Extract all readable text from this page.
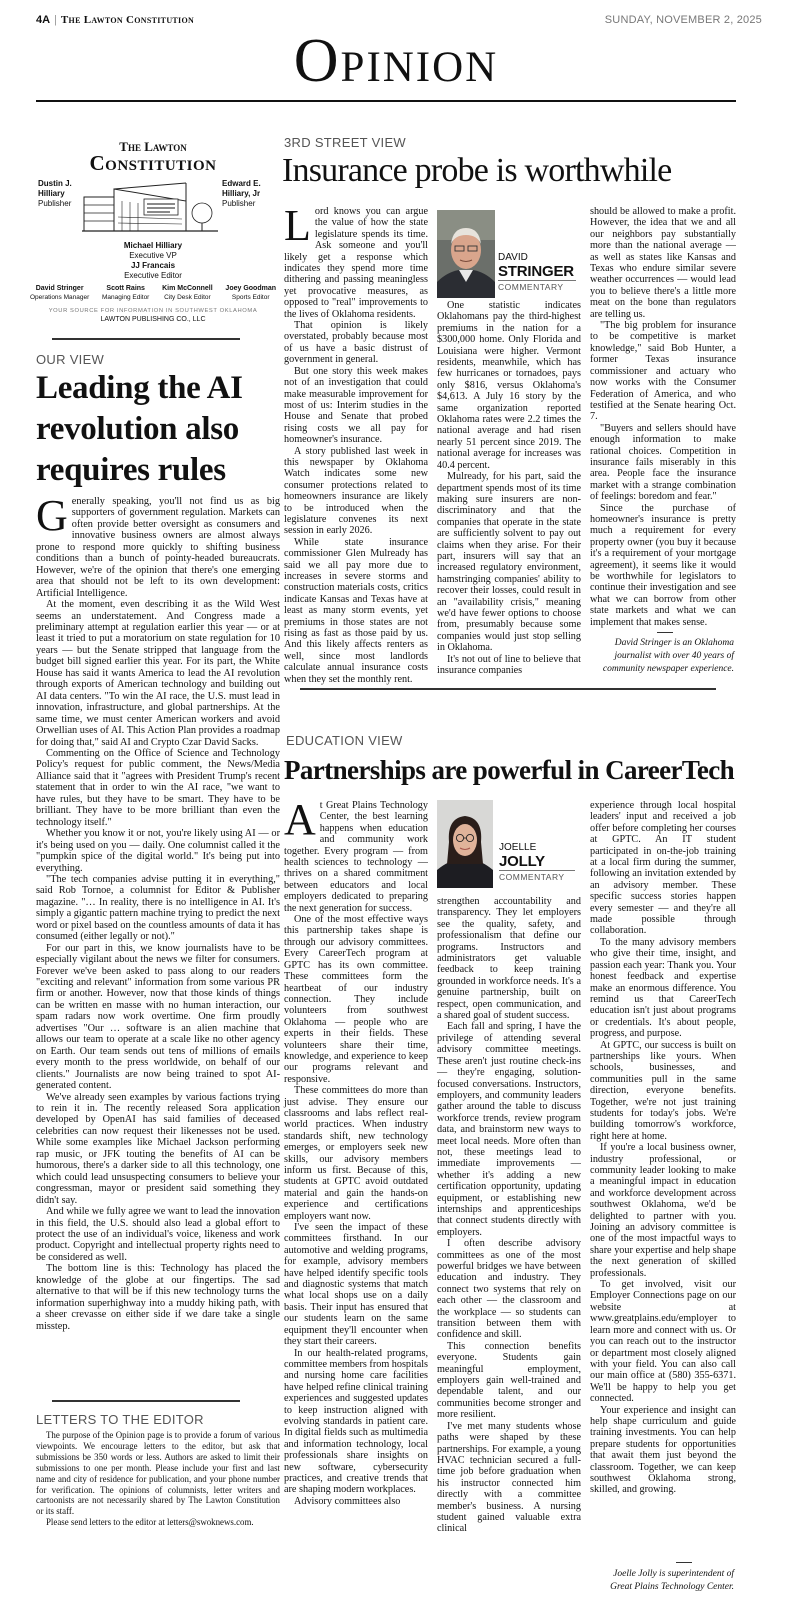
4A | The Lawton Constitution	SUNDAY, NOVEMBER 2, 2025
Opinion
The Lawton
Constitution
Dustin J. Hilliary
Publisher
Edward E. Hilliary, Jr
Publisher
Michael Hilliary
Executive VP
JJ Francais
Executive Editor
David Stringer
Operations Manager
Scott Rains
Managing Editor
Kim McConnell
City Desk Editor
Joey Goodman
Sports Editor
YOUR SOURCE FOR INFORMATION IN SOUTHWEST OKLAHOMA
LAWTON PUBLISHING CO., LLC
OUR VIEW
Leading the AI revolution also requires rules
G enerally speaking, you'll not find us as big supporters of government regulation. Markets can often provide better oversight as consumers and innovative business owners are almost always prone to respond more quickly to shifting business conditions than a bunch of pointy-headed bureaucrats. However, we're of the opinion that there's one emerging area that should not be left to its own development: Artificial Intelligence.

At the moment, even describing it as the Wild West seems an understatement. And Congress made a preliminary attempt at regulation earlier this year — or at least it tried to put a moratorium on state regulation for 10 years — but the Senate stripped that language from the budget bill signed earlier this year. For its part, the White House has said it wants America to lead the AI revolution through exports of American technology and building out AI data centers. "To win the AI race, the U.S. must lead in innovation, infrastructure, and global partnerships. At the same time, we must center American workers and avoid Orwellian uses of AI. This Action Plan provides a roadmap for doing that," said AI and Crypto Czar David Sacks.

Commenting on the Office of Science and Technology Policy's request for public comment, the News/Media Alliance said that it "agrees with President Trump's recent statement that in order to win the AI race, "we want to have rules, but they have to be smart. They have to be brilliant. They have to be more brilliant than even the technology itself."

Whether you know it or not, you're likely using AI — or it's being used on you — daily. One columnist called it the "pumpkin spice of the digital world." It's being put into everything.

"The tech companies advise putting it in everything," said Rob Tornoe, a columnist for Editor & Publisher magazine. "… In reality, there is no intelligence in AI. It's simply a gigantic pattern machine trying to predict the next word or pixel based on the countless amounts of data it has consumed (either legally or not)."

For our part in this, we know journalists have to be especially vigilant about the news we filter for consumers. Forever we've been asked to pass along to our readers "exciting and relevant" information from some various PR firm or another. However, now that those kinds of things can be written en masse with no human interaction, our spam radars now work overtime. One firm proudly advertises "Our … software is an alien machine that allows our team to operate at a scale like no other agency on Earth. Our team sends out tens of millions of emails every month to the press worldwide, on behalf of our clients." Journalists are now being trained to spot AI-generated content.

We've already seen examples by various factions trying to rein it in. The recently released Sora application developed by OpenAI has said families of deceased celebrities can now request their likenesses not be used. While some examples like Michael Jackson performing rap music, or JFK touting the benefits of AI can be humorous, there's a darker side to all this technology, one which could lead unsuspecting consumers to believe your congressman, mayor or president said something they didn't say.

And while we fully agree we want to lead the innovation in this field, the U.S. should also lead a global effort to protect the use of an individual's voice, likeness and work product. Copyright and intellectual property rights need to be considered as well.

The bottom line is this: Technology has placed the knowledge of the globe at our fingertips. The sad alternative to that will be if this new technology turns the information superhighway into a muddy hiking path, with a sheer crevasse on either side if we dare take a single misstep.

LETTERS TO THE EDITOR

The purpose of the Opinion page is to provide a forum of various viewpoints. We encourage letters to the editor, but ask that submissions be 350 words or less. Authors are asked to limit their submissions to one per month. Please include your first and last name and city of residence for publication, and your phone number for verification. The opinions of columnists, letter writers and cartoonists are not necessarily shared by The Lawton Constitution or its staff.

Please send letters to the editor at letters@swoknews.com.

3RD STREET VIEW
Insurance probe is worthwhile
L ord knows you can argue the value of how the state legislature spends its time. Ask someone and you'll likely get a response which indicates they spend more time dithering and passing meaningless yet provocative measures, as opposed to "real" improvements to the lives of Oklahoma residents.

That opinion is likely overstated, probably because most of us have a basic distrust of government in general.

But one story this week makes not of an investigation that could make measurable improvement for most of us: Interim studies in the House and Senate that probed rising costs we all pay for homeowner's insurance.

A story published last week in this newspaper by Oklahoma Watch indicates some new consumer protections related to homeowners insurance are likely to be introduced when the legislature convenes its next session in early 2026.

While state insurance commissioner Glen Mulready has said we all pay more due to increases in severe storms and construction materials costs, critics indicate Kansas and Texas have at least as many storm events, yet premiums in those states are not rising as fast as those paid by us. And this likely affects renters as well, since most landlords calculate annual insurance costs when they set the monthly rent.

DAVID
STRINGER
COMMENTARY

One statistic indicates Oklahomans pay the third-highest premiums in the nation for a $300,000 home. Only Florida and Louisiana were higher. Vermont residents, meanwhile, which has few hurricanes or tornadoes, pays only $816, versus Oklahoma's $4,613. A July 16 story by the same organization reported Oklahoma rates were 2.2 times the national average and had risen nearly 51 percent since 2019. The national average for increases was 40.4 percent.

Mulready, for his part, said the department spends most of its time making sure insurers are non-discriminatory and that the companies that operate in the state are sufficiently solvent to pay out claims when they arise. For their part, insurers will say that an increased regulatory environment, hamstringing companies' ability to recover their losses, could result in an "availability crisis," meaning we'd have fewer options to choose from, presumably because some companies would just stop selling in Oklahoma.

It's not out of line to believe that insurance companies

should be allowed to make a profit. However, the idea that we and all our neighbors pay substantially more than the national average — as well as states like Kansas and Texas who endure similar severe weather occurrences — would lead you to believe there's a little more meat on the bone than regulators are telling us.

"The big problem for insurance to be competitive is market knowledge," said Bob Hunter, a former Texas insurance commissioner and actuary who now works with the Consumer Federation of America, and who testified at the Senate hearing Oct. 7.

"Buyers and sellers should have enough information to make rational choices. Competition in insurance fails miserably in this area. People face the insurance market with a strange combination of feelings: boredom and fear."

Since the purchase of homeowner's insurance is pretty much a requirement for every property owner (you buy it because it's a requirement of your mortgage agreement), it seems like it would be worthwhile for legislators to continue their investigation and see what we can borrow from other state markets and what we can implement that makes sense.

David Stringer is an Oklahoma journalist with over 40 years of community newspaper experience.
EDUCATION VIEW
Partnerships are powerful in CareerTech
A t Great Plains Technology Center, the best learning happens when education and community work together. Every program — from health sciences to technology — thrives on a shared commitment between educators and local employers dedicated to preparing the next generation for success.

One of the most effective ways this partnership takes shape is through our advisory committees. Every CareerTech program at GPTC has its own committee. These committees form the heartbeat of our industry connection. They include volunteers from southwest Oklahoma — people who are experts in their fields. These volunteers share their time, knowledge, and experience to keep our programs relevant and responsive.

These committees do more than just advise. They ensure our classrooms and labs reflect real-world practices. When industry standards shift, new technology emerges, or employers seek new skills, our advisory members inform us first. Because of this, students at GPTC avoid outdated material and gain the hands-on experience and certifications employers want now.

I've seen the impact of these committees firsthand. In our automotive and welding programs, for example, advisory members have helped identify specific tools and diagnostic systems that match what local shops use on a daily basis. Their input has ensured that our students learn on the same equipment they'll encounter when they start their careers.

In our health-related programs, committee members from hospitals and nursing home care facilities have helped refine clinical training experiences and suggested updates to keep instruction aligned with evolving standards in patient care. In digital fields such as multimedia and information technology, local professionals share insights on new software, cybersecurity practices, and creative trends that are shaping modern workplaces.

Advisory committees also

JOELLE
JOLLY
COMMENTARY

strengthen accountability and transparency. They let employers see the quality, safety, and professionalism that define our programs. Instructors and administrators get valuable feedback to keep training grounded in workforce needs. It's a genuine partnership, built on respect, open communication, and a shared goal of student success.

Each fall and spring, I have the privilege of attending several advisory committee meetings. These aren't just routine check-ins — they're engaging, solution-focused conversations. Instructors, employers, and community leaders gather around the table to discuss workforce trends, review program data, and brainstorm new ways to meet local needs. More often than not, these meetings lead to immediate improvements — whether it's adding a new certification opportunity, updating equipment, or establishing new internships and apprenticeships that connect students directly with employers.

I often describe advisory committees as one of the most powerful bridges we have between education and industry. They connect two systems that rely on each other — the classroom and the workplace — so students can transition between them with confidence and skill.

This connection benefits everyone. Students gain meaningful employment, employers gain well-trained and dependable talent, and our communities become stronger and more resilient.

I've met many students whose paths were shaped by these partnerships. For example, a young HVAC technician secured a full-time job before graduation when his instructor connected him directly with a committee member's business. A nursing student gained valuable extra clinical

experience through local hospital leaders' input and received a job offer before completing her courses at GPTC. An IT student participated in on-the-job training at a local firm during the summer, following an invitation extended by an advisory member. These specific success stories happen every semester — and they're all made possible through collaboration.

To the many advisory members who give their time, insight, and passion each year: Thank you. Your honest feedback and expertise make an enormous difference. You remind us that CareerTech education isn't just about programs or credentials. It's about people, progress, and purpose.

At GPTC, our success is built on partnerships like yours. When schools, businesses, and communities pull in the same direction, everyone benefits. Together, we're not just training students for today's jobs. We're building tomorrow's workforce, right here at home.

If you're a local business owner, industry professional, or community leader looking to make a meaningful impact in education and workforce development across southwest Oklahoma, we'd be delighted to partner with you. Joining an advisory committee is one of the most impactful ways to share your expertise and help shape the next generation of skilled professionals.

To get involved, visit our Employer Connections page on our website at www.greatplains.edu/employer to learn more and connect with us. Or you can reach out to the instructor or department most closely aligned with your field. You can also call our main office at (580) 355-6371. We'll be happy to help you get connected.

Your experience and insight can help shape curriculum and guide training investments. You can help prepare students for opportunities that await them just beyond the classroom. Together, we can keep southwest Oklahoma strong, skilled, and growing.

Joelle Jolly is superintendent of Great Plains Technology Center.
